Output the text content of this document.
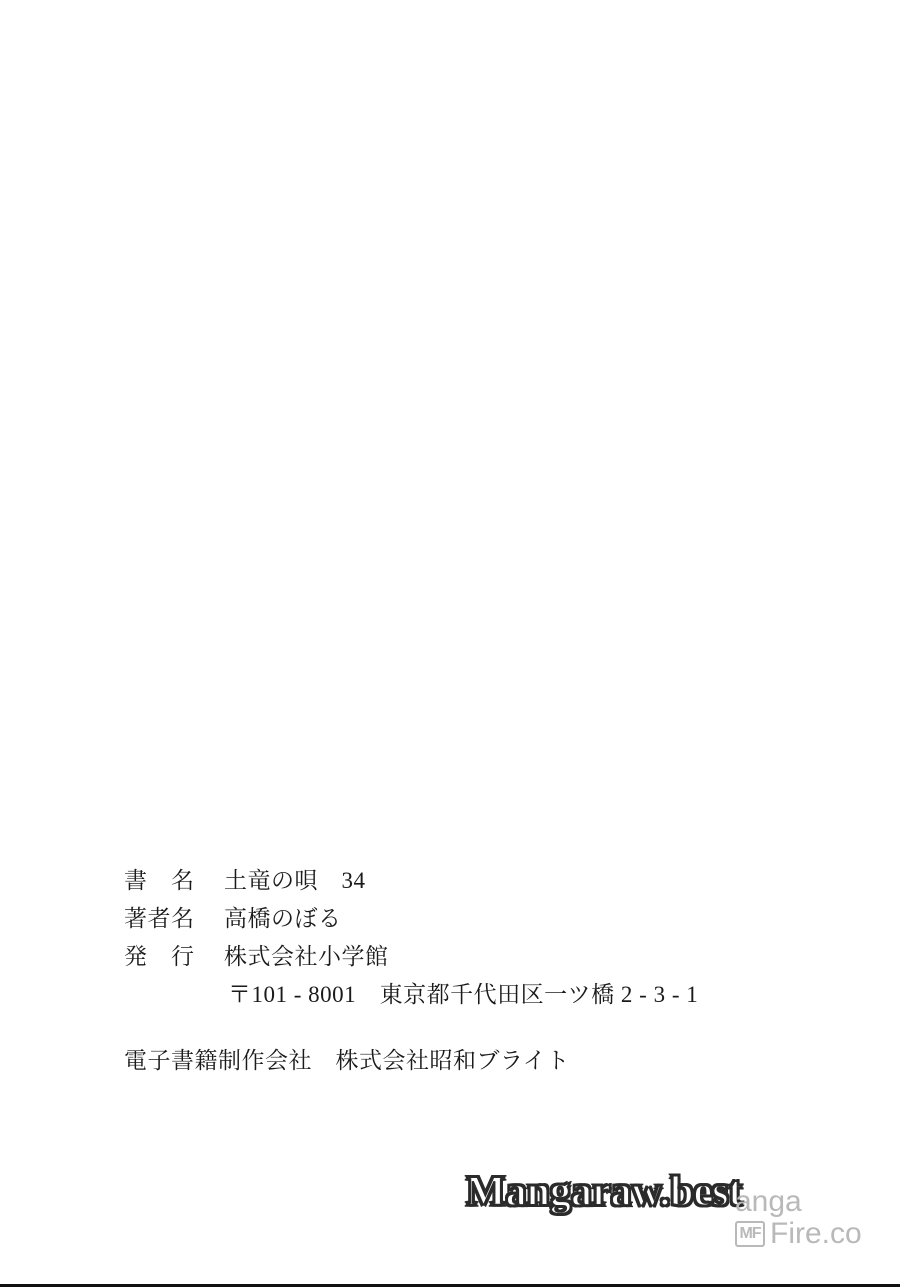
書　名	土竜の唄　34
著者名	高橋のぼる
発　行	株式会社小学館
〒101 - 8001　東京都千代田区一ツ橋 2 - 3 - 1
電子書籍制作会社　株式会社昭和ブライト
Mangaraw.best
anga
MF Fire.co
